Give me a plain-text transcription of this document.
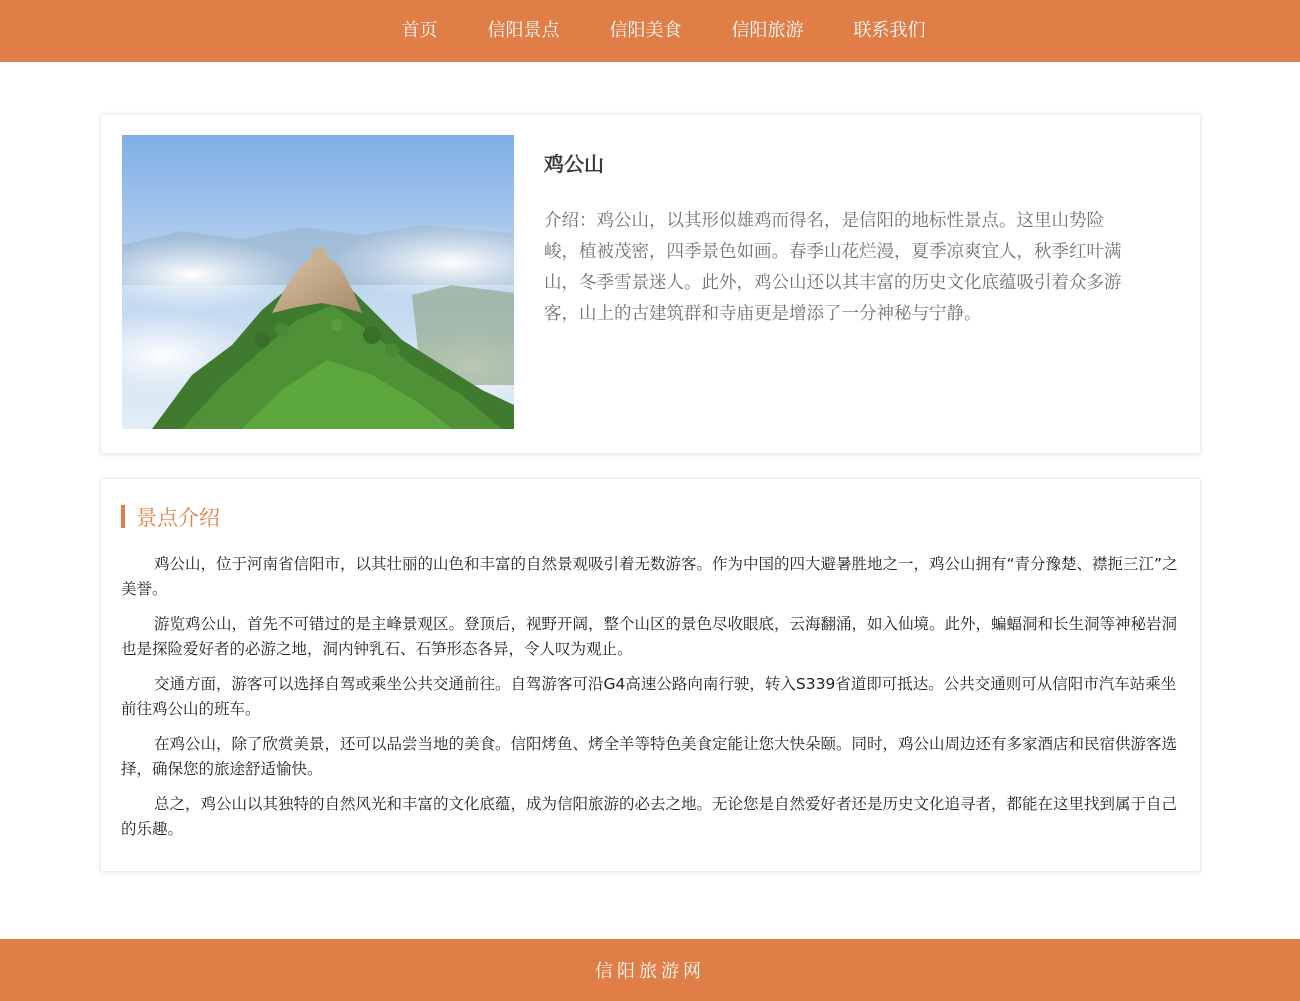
首页	信阳景点	信阳美食	信阳旅游	联系我们
鸡公山
介绍：鸡公山，以其形似雄鸡而得名，是信阳的地标性景点。这里山势险峻，植被茂密，四季景色如画。春季山花烂漫，夏季凉爽宜人，秋季红叶满山，冬季雪景迷人。此外，鸡公山还以其丰富的历史文化底蕴吸引着众多游客，山上的古建筑群和寺庙更是增添了一分神秘与宁静。
景点介绍

鸡公山，位于河南省信阳市，以其壮丽的山色和丰富的自然景观吸引着无数游客。作为中国的四大避暑胜地之一，鸡公山拥有“青分豫楚、襟扼三江”之美誉。

游览鸡公山，首先不可错过的是主峰景观区。登顶后，视野开阔，整个山区的景色尽收眼底，云海翻涌，如入仙境。此外，蝙蝠洞和长生洞等神秘岩洞也是探险爱好者的必游之地，洞内钟乳石、石笋形态各异，令人叹为观止。

交通方面，游客可以选择自驾或乘坐公共交通前往。自驾游客可沿G4高速公路向南行驶，转入S339省道即可抵达。公共交通则可从信阳市汽车站乘坐前往鸡公山的班车。

在鸡公山，除了欣赏美景，还可以品尝当地的美食。信阳烤鱼、烤全羊等特色美食定能让您大快朵颐。同时，鸡公山周边还有多家酒店和民宿供游客选择，确保您的旅途舒适愉快。

总之，鸡公山以其独特的自然风光和丰富的文化底蕴，成为信阳旅游的必去之地。无论您是自然爱好者还是历史文化追寻者，都能在这里找到属于自己的乐趣。

信阳旅游网
